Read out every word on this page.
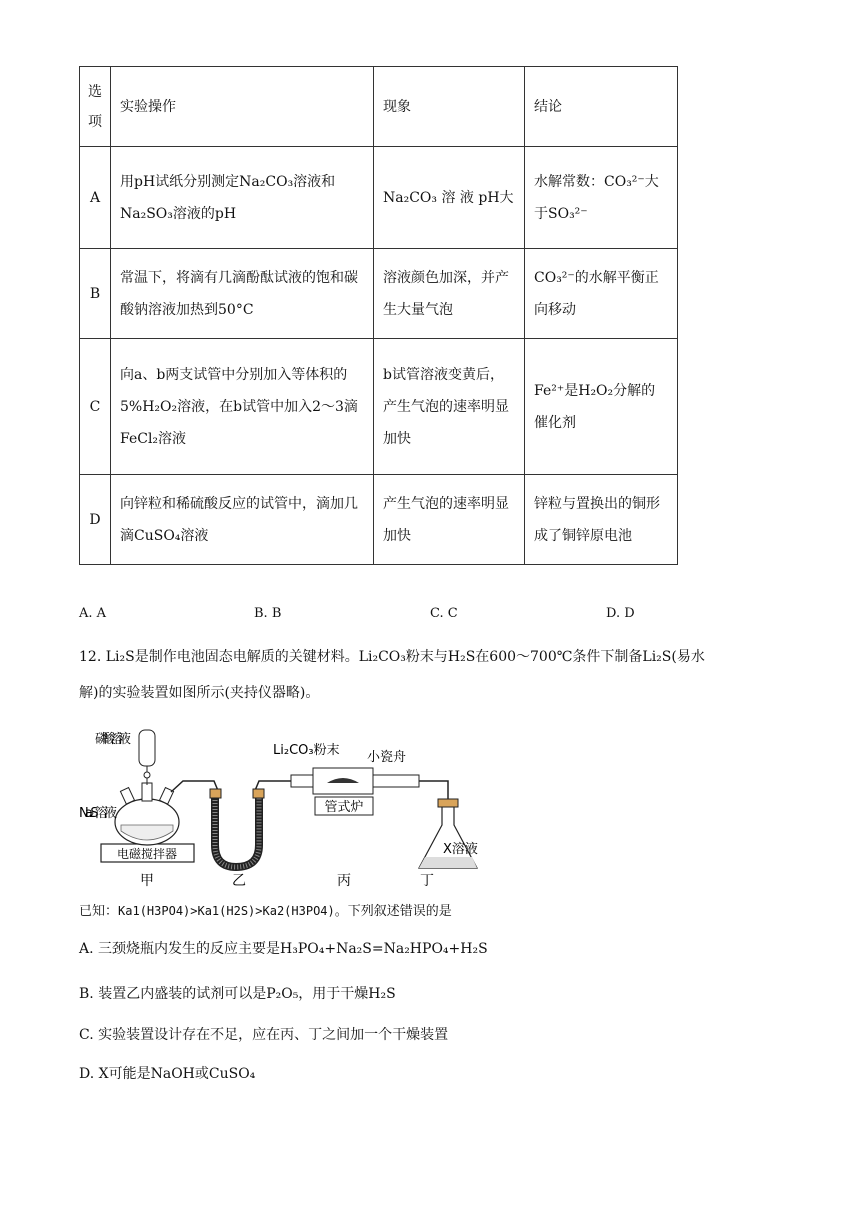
选项	实验操作	现象	结论
A	用pH试纸分别测定Na₂CO₃溶液和Na₂SO₃溶液的pH	Na₂CO₃ 溶 液 pH大	水解常数：CO₃²⁻大于SO₃²⁻
B	常温下，将滴有几滴酚酞试液的饱和碳酸钠溶液加热到50°C	溶液颜色加深，并产生大量气泡	CO₃²⁻的水解平衡正向移动
C	向a、b两支试管中分别加入等体积的5%H₂O₂溶液，在b试管中加入2～3滴FeCl₂溶液	b试管溶液变黄后，产生气泡的速率明显加快	Fe²⁺是H₂O₂分解的催化剂
D	向锌粒和稀硫酸反应的试管中，滴加几滴CuSO₄溶液	产生气泡的速率明显加快	锌粒与置换出的铜形成了铜锌原电池
A. A	B. B	C. C	D. D
12. Li₂S是制作电池固态电解质的关键材料。Li₂CO₃粉末与H₂S在600～700℃条件下制备Li₂S(易水
解)的实验装置如图所示(夹持仪器略)。
电磁搅拌器
管式炉
磷酸溶液
Na₂S溶液
Li₂CO₃粉末 小瓷舟
X溶液
甲	乙	丙	丁
已知：Ka1(H3PO4)>Ka1(H2S)>Ka2(H3PO4)。下列叙述错误的是
A. 三颈烧瓶内发生的反应主要是H₃PO₄+Na₂S=Na₂HPO₄+H₂S
B. 装置乙内盛装的试剂可以是P₂O₅，用于干燥H₂S
C. 实验装置设计存在不足，应在丙、丁之间加一个干燥装置
D. X可能是NaOH或CuSO₄
